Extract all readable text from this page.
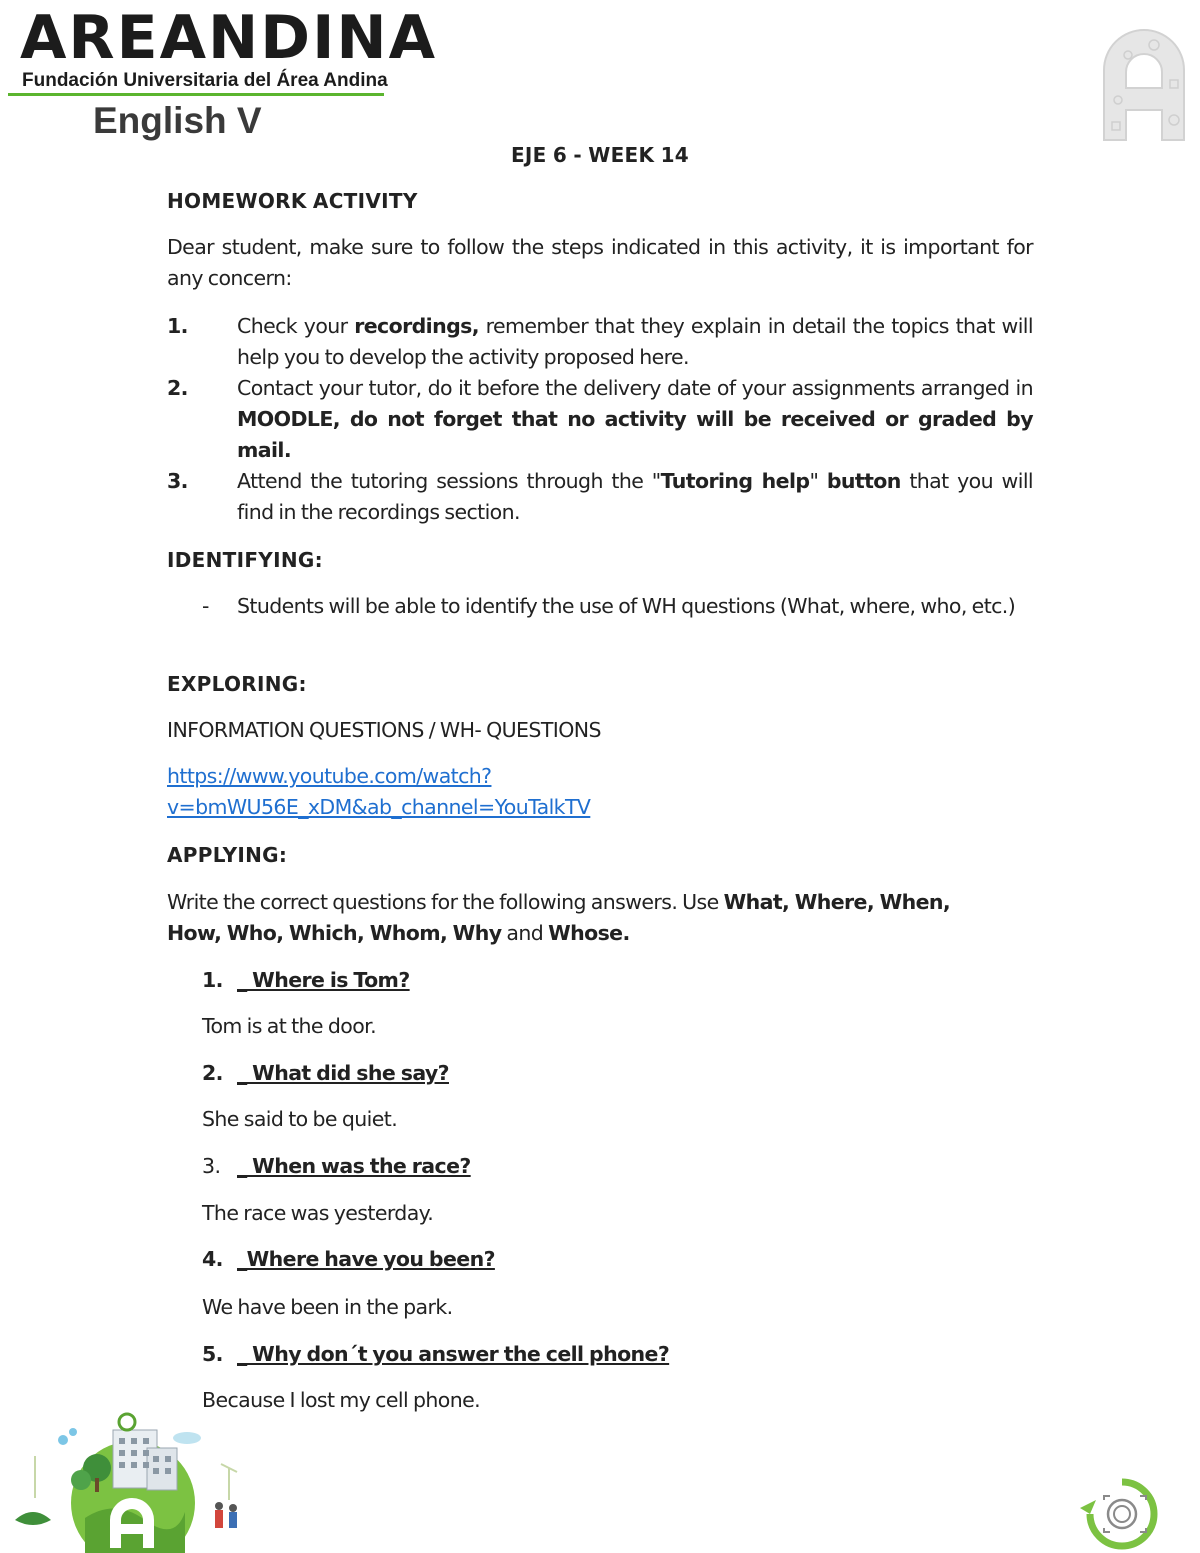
AREANDINA
Fundación Universitaria del Área Andina
English V
EJE 6 - WEEK 14
HOMEWORK ACTIVITY
Dear student, make sure to follow the steps indicated in this activity, it is important for any concern:
1. Check your recordings, remember that they explain in detail the topics that will help you to develop the activity proposed here.
2. Contact your tutor, do it before the delivery date of your assignments arranged in MOODLE, do not forget that no activity will be received or graded by mail.
3. Attend the tutoring sessions through the "Tutoring help" button that you will find in the recordings section.
IDENTIFYING:
- Students will be able to identify the use of WH questions (What, where, who, etc.)
EXPLORING:
INFORMATION QUESTIONS / WH- QUESTIONS
https://www.youtube.com/watch?
v=bmWU56E_xDM&ab_channel=YouTalkTV
APPLYING:
Write the correct questions for the following answers. Use What, Where, When, How, Who, Which, Whom, Why and Whose.
1. _ Where is Tom?
Tom is at the door.
2. _ What did she say?
She said to be quiet.
3. _ When was the race?
The race was yesterday.
4. _Where have you been?
We have been in the park.
5. _ Why don´t you answer the cell phone?
Because I lost my cell phone.
